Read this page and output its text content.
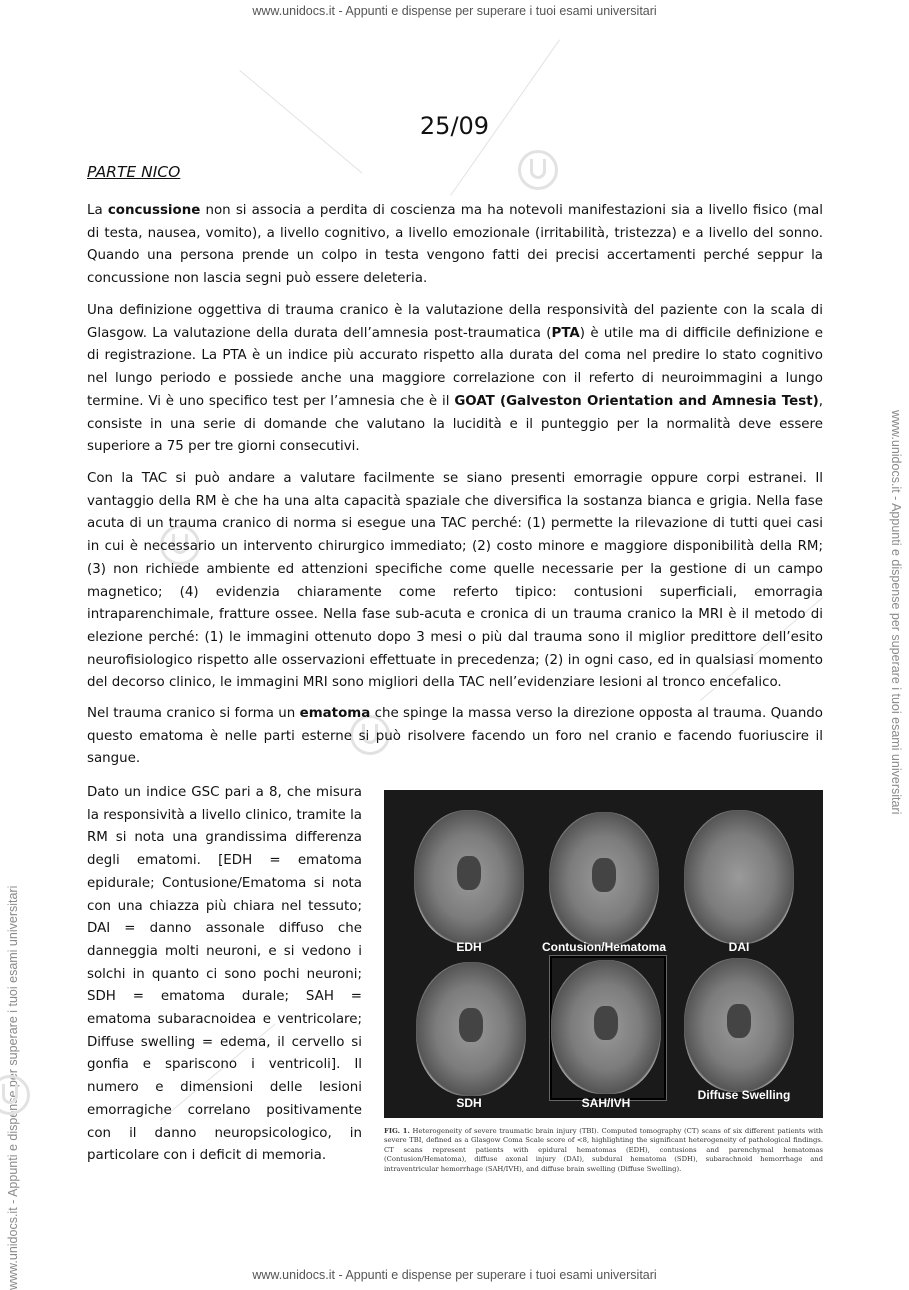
www.unidocs.it - Appunti e dispense per superare i tuoi esami universitari
www.unidocs.it - Appunti e dispense per superare i tuoi esami universitari
www.unidocs.it - Appunti e dispense per superare i tuoi esami universitari
www.unidocs.it - Appunti e dispense per superare i tuoi esami universitari
25/09
PARTE NICO

La concussione non si associa a perdita di coscienza ma ha notevoli manifestazioni sia a livello fisico (mal di testa, nausea, vomito), a livello cognitivo, a livello emozionale (irritabilità, tristezza) e a livello del sonno. Quando una persona prende un colpo in testa vengono fatti dei precisi accertamenti perché seppur la concussione non lascia segni può essere deleteria.

Una definizione oggettiva di trauma cranico è la valutazione della responsività del paziente con la scala di Glasgow. La valutazione della durata dell’amnesia post-traumatica (PTA) è utile ma di difficile definizione e di registrazione. La PTA è un indice più accurato rispetto alla durata del coma nel predire lo stato cognitivo nel lungo periodo e possiede anche una maggiore correlazione con il referto di neuroimmagini a lungo termine. Vi è uno specifico test per l’amnesia che è il GOAT (Galveston Orientation and Amnesia Test), consiste in una serie di domande che valutano la lucidità e il punteggio per la normalità deve essere superiore a 75 per tre giorni consecutivi.

Con la TAC si può andare a valutare facilmente se siano presenti emorragie oppure corpi estranei. Il vantaggio della RM è che ha una alta capacità spaziale che diversifica la sostanza bianca e grigia. Nella fase acuta di un trauma cranico di norma si esegue una TAC perché: (1) permette la rilevazione di tutti quei casi in cui è necessario un intervento chirurgico immediato; (2) costo minore e maggiore disponibilità della RM; (3) non richiede ambiente ed attenzioni specifiche come quelle necessarie per la gestione di un campo magnetico; (4) evidenzia chiaramente come referto tipico: contusioni superficiali, emorragia intraparenchimale, fratture ossee. Nella fase sub-acuta e cronica di un trauma cranico la MRI è il metodo di elezione perché: (1) le immagini ottenuto dopo 3 mesi o più dal trauma sono il miglior predittore dell’esito neurofisiologico rispetto alle osservazioni effettuate in precedenza; (2) in ogni caso, ed in qualsiasi momento del decorso clinico, le immagini MRI sono migliori della TAC nell’evidenziare lesioni al tronco encefalico.

Nel trauma cranico si forma un ematoma che spinge la massa verso la direzione opposta al trauma. Quando questo ematoma è nelle parti esterne si può risolvere facendo un foro nel cranio e facendo fuoriuscire il sangue.

Dato un indice GSC pari a 8, che misura la responsività a livello clinico, tramite la RM si nota una grandissima differenza degli ematomi. [EDH = ematoma epidurale; Contusione/Ematoma si nota con una chiazza più chiara nel tessuto; DAI = danno assonale diffuso che danneggia molti neuroni, e si vedono i solchi in quanto ci sono pochi neuroni; SDH = ematoma durale; SAH = ematoma subaracnoidea e ventricolare; Diffuse swelling = edema, il cervello si gonfia e spariscono i ventricoli]. Il numero e dimensioni delle lesioni emorragiche correlano positivamente con il danno neuropsicologico, in particolare con i deficit di memoria.

EDH	Contusion/Hematoma	DAI
SDH	SAH/IVH
Diffuse Swelling
FIG. 1. Heterogeneity of severe traumatic brain injury (TBI). Computed tomography (CT) scans of six different patients with severe TBI, defined as a Glasgow Coma Scale score of <8, highlighting the significant heterogeneity of pathological findings. CT scans represent patients with epidural hematomas (EDH), contusions and parenchymal hematomas (Contusion/Hematoma), diffuse axonal injury (DAI), subdural hematoma (SDH), subarachnoid hemorrhage and intraventricular hemorrhage (SAH/IVH), and diffuse brain swelling (Diffuse Swelling).
